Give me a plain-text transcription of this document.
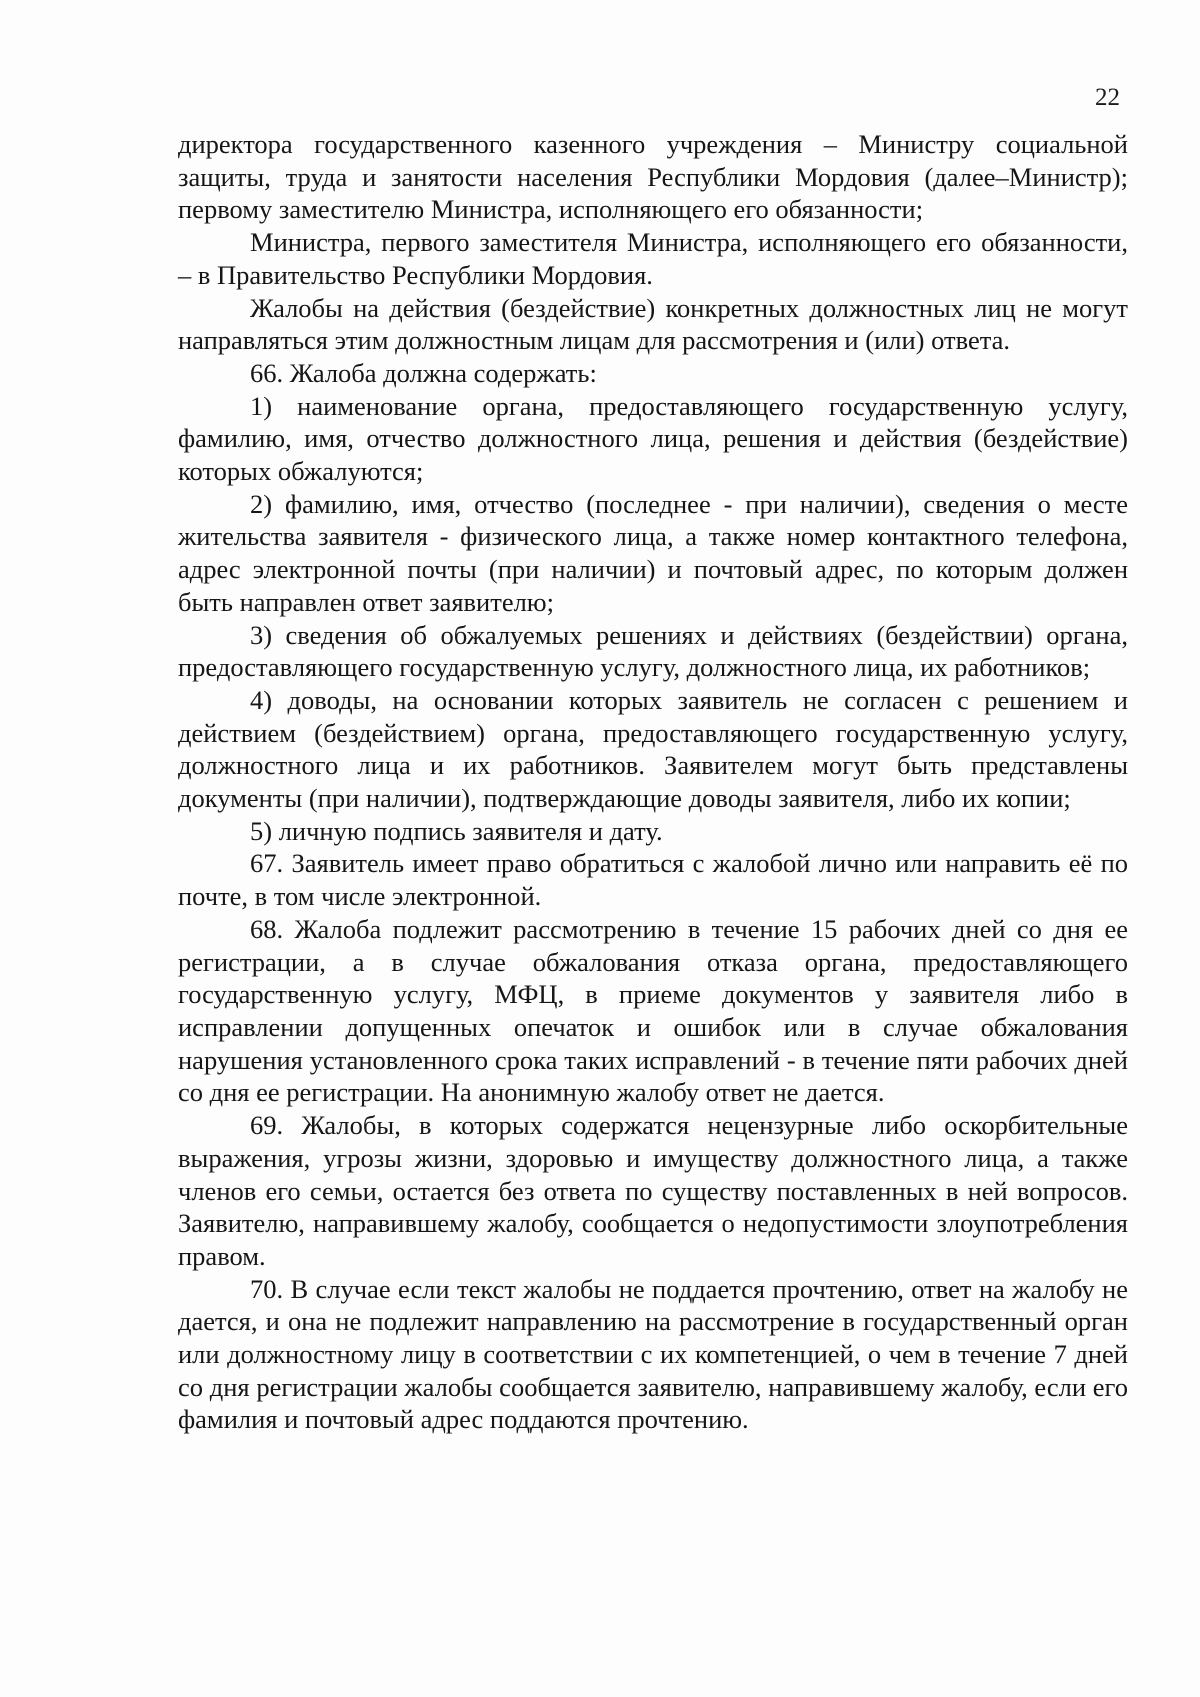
22

директора государственного казенного учреждения – Министру социальной защиты, труда и занятости населения Республики Мордовия (далее–Министр); первому заместителю Министра, исполняющего его обязанности;

Министра, первого заместителя Министра, исполняющего его обязанности, – в Правительство Республики Мордовия.

Жалобы на действия (бездействие) конкретных должностных лиц не могут направляться этим должностным лицам для рассмотрения и (или) ответа.

66. Жалоба должна содержать:

1) наименование органа, предоставляющего государственную услугу, фамилию, имя, отчество должностного лица, решения и действия (бездействие) которых обжалуются;

2) фамилию, имя, отчество (последнее - при наличии), сведения о месте жительства заявителя - физического лица, а также номер контактного телефона, адрес электронной почты (при наличии) и почтовый адрес, по которым должен быть направлен ответ заявителю;

3) сведения об обжалуемых решениях и действиях (бездействии) органа, предоставляющего государственную услугу, должностного лица, их работников;

4) доводы, на основании которых заявитель не согласен с решением и действием (бездействием) органа, предоставляющего государственную услугу, должностного лица и их работников. Заявителем могут быть представлены документы (при наличии), подтверждающие доводы заявителя, либо их копии;

5) личную подпись заявителя и дату.

67. Заявитель имеет право обратиться с жалобой лично или направить её по почте, в том числе электронной.

68. Жалоба подлежит рассмотрению в течение 15 рабочих дней со дня ее регистрации, а в случае обжалования отказа органа, предоставляющего государственную услугу, МФЦ, в приеме документов у заявителя либо в исправлении допущенных опечаток и ошибок или в случае обжалования нарушения установленного срока таких исправлений - в течение пяти рабочих дней со дня ее регистрации. На анонимную жалобу ответ не дается.

69. Жалобы, в которых содержатся нецензурные либо оскорбительные выражения, угрозы жизни, здоровью и имуществу должностного лица, а также членов его семьи, остается без ответа по существу поставленных в ней вопросов. Заявителю, направившему жалобу, сообщается о недопустимости злоупотребления правом.

70. В случае если текст жалобы не поддается прочтению, ответ на жалобу не дается, и она не подлежит направлению на рассмотрение в государственный орган или должностному лицу в соответствии с их компетенцией, о чем в течение 7 дней со дня регистрации жалобы сообщается заявителю, направившему жалобу, если его фамилия и почтовый адрес поддаются прочтению.
